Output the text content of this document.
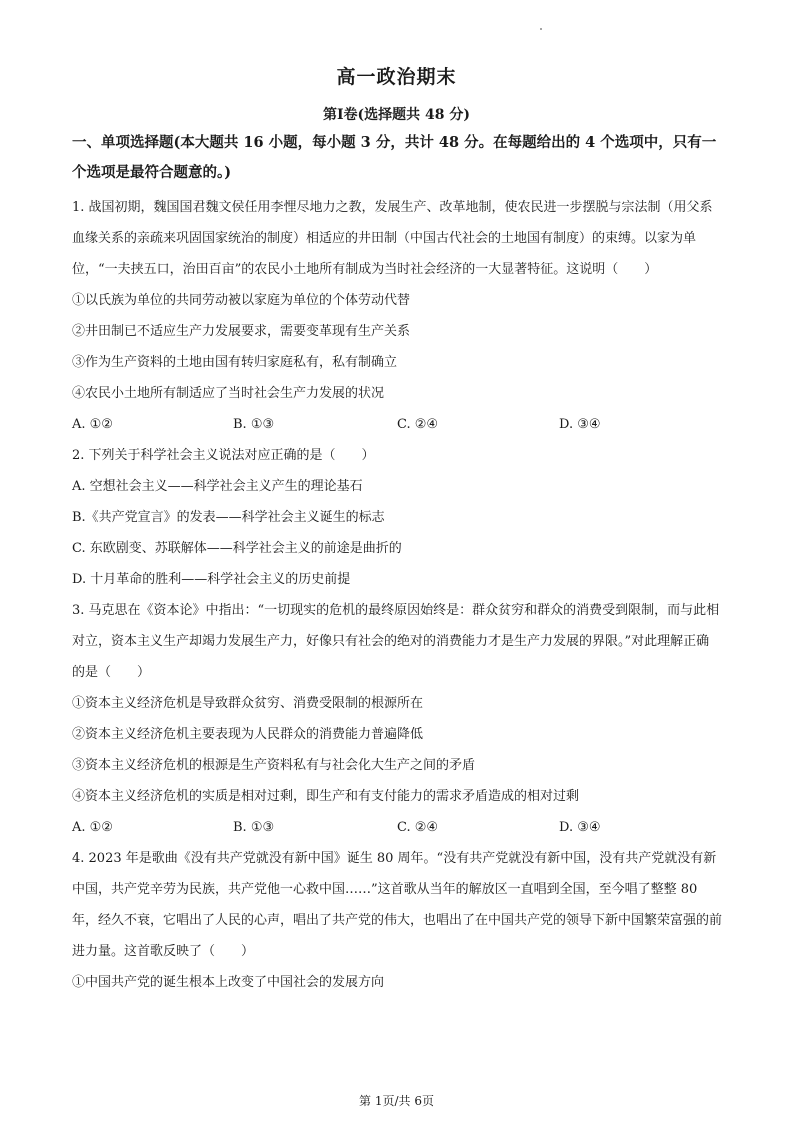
高一政治期末
第Ⅰ卷(选择题共 48 分)
一、单项选择题(本大题共 16 小题，每小题 3 分，共计 48 分。在每题给出的 4 个选项中，只有一个选项是最符合题意的。)

1. 战国初期，魏国国君魏文侯任用李悝尽地力之教，发展生产、改革地制，使农民进一步摆脱与宗法制（用父系血缘关系的亲疏来巩固国家统治的制度）相适应的井田制（中国古代社会的土地国有制度）的束缚。以家为单位，“一夫挟五口，治田百亩”的农民小土地所有制成为当时社会经济的一大显著特征。这说明（　　）

①以氏族为单位的共同劳动被以家庭为单位的个体劳动代替

②井田制已不适应生产力发展要求，需要变革现有生产关系

③作为生产资料的土地由国有转归家庭私有，私有制确立

④农民小土地所有制适应了当时社会生产力发展的状况

A. ①②	B. ①③	C. ②④	D. ③④

2. 下列关于科学社会主义说法对应正确的是（　　）

A. 空想社会主义——科学社会主义产生的理论基石

B.《共产党宣言》的发表——科学社会主义诞生的标志

C. 东欧剧变、苏联解体——科学社会主义的前途是曲折的

D. 十月革命的胜利——科学社会主义的历史前提

3. 马克思在《资本论》中指出：“一切现实的危机的最终原因始终是：群众贫穷和群众的消费受到限制，而与此相对立，资本主义生产却竭力发展生产力，好像只有社会的绝对的消费能力才是生产力发展的界限。”对此理解正确的是（　　）

①资本主义经济危机是导致群众贫穷、消费受限制的根源所在

②资本主义经济危机主要表现为人民群众的消费能力普遍降低

③资本主义经济危机的根源是生产资料私有与社会化大生产之间的矛盾

④资本主义经济危机的实质是相对过剩，即生产和有支付能力的需求矛盾造成的相对过剩

A. ①②	B. ①③	C. ②④	D. ③④

4. 2023 年是歌曲《没有共产党就没有新中国》诞生 80 周年。“没有共产党就没有新中国，没有共产党就没有新中国，共产党辛劳为民族，共产党他一心救中国……”这首歌从当年的解放区一直唱到全国，至今唱了整整 80 年，经久不衰，它唱出了人民的心声，唱出了共产党的伟大，也唱出了在中国共产党的领导下新中国繁荣富强的前进力量。这首歌反映了（　　）

①中国共产党的诞生根本上改变了中国社会的发展方向

第 1页/共 6页
